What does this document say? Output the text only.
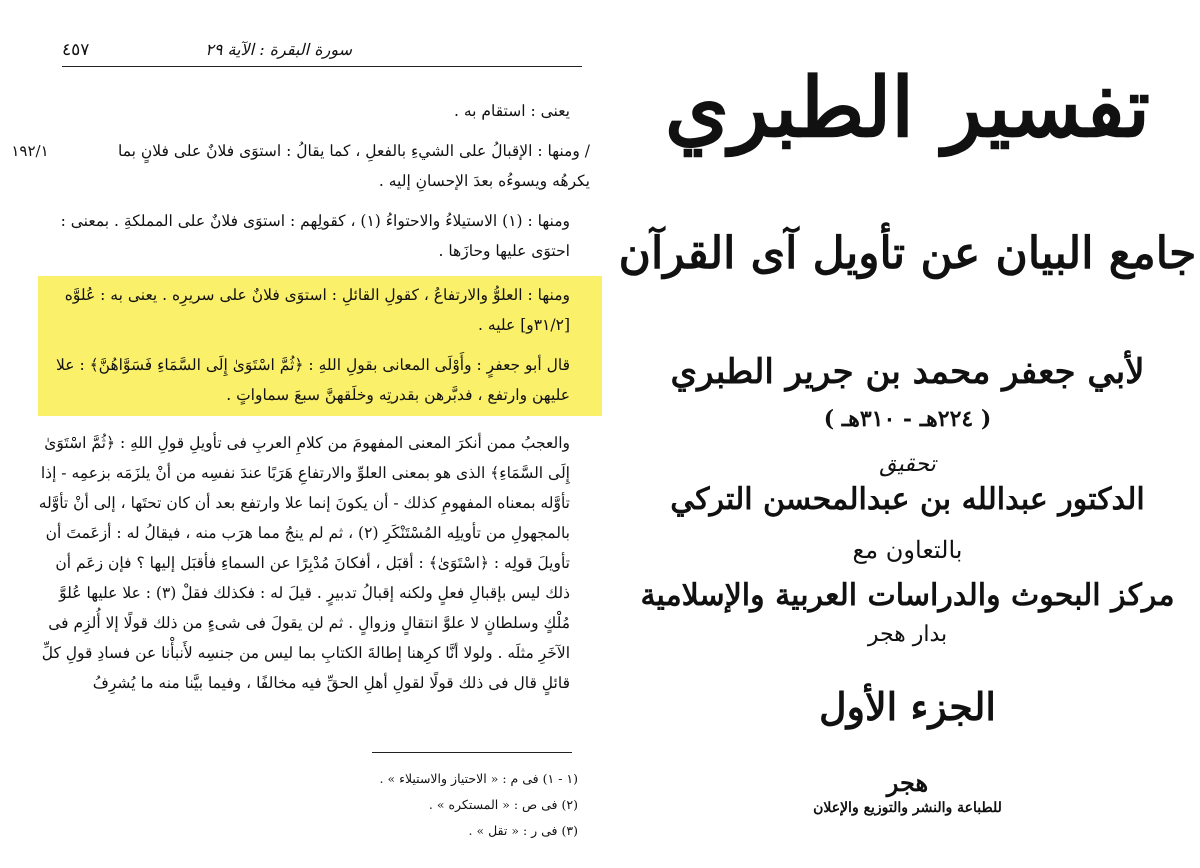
سورة البقرة : الآية ٢٩
٤٥٧
١٩٢/١

يعنى : استقام به .

/ ومنها : الإقبالُ على الشيءِ بالفعلِ ، كما يقالُ : استوَى فلانٌ على فلانٍ بما يكرهُه ويسوءُه بعدَ الإحسانِ إليه .

ومنها : (١) الاستيلاءُ والاحتواءُ (١) ، كقولِهم : استوَى فلانٌ على المملكةِ . بمعنى : احتوَى عليها وحازَها .

ومنها : العلوُّ والارتفاعُ ، كقولِ القائلِ : استوَى فلانٌ على سريرِه . يعنى به : عُلوَّه [٣١/٢و] عليه .

قال أبو جعفرٍ : وأَوْلَى المعانى بقولِ اللهِ : ﴿ثُمَّ اسْتَوَىٰ إِلَى السَّمَاءِ فَسَوَّاهُنَّ﴾ : علا عليهن وارتفع ، فدبَّرهن بقدرتِه وخلَقهنَّ سبعَ سماواتٍ .

والعجبُ ممن أنكرَ المعنى المفهومَ من كلامِ العربِ فى تأويلِ قولِ اللهِ : ﴿ثُمَّ اسْتَوَىٰ إِلَى السَّمَاءِ﴾ الذى هو بمعنى العلوِّ والارتفاعِ هَرَبًا عندَ نفسِه من أنْ يلزَمَه بزعمِه - إذا تأوَّله بمعناه المفهومِ كذلك - أن يكونَ إنما علا وارتفع بعد أن كان تحتَها ، إلى أنْ تأوَّله بالمجهولِ من تأويلِه المُسْتَنْكَرِ (٢) ، ثم لم ينجُ مما هرَب منه ، فيقالُ له : أزعَمتَ أن تأويلَ قولِه : ﴿اسْتَوَىٰ﴾ : أقبَل ، أفكانَ مُدْبِرًا عن السماءِ فأقبَل إليها ؟ فإن زعَم أن ذلك ليس بإقبالِ فعلٍ ولكنه إقبالُ تدبيرٍ . قيلَ له : فكذلك فقلْ (٣) : علا عليها عُلوَّ مُلْكٍ وسلطانٍ لا علوَّ انتقالٍ وزوالٍ . ثم لن يقولَ فى شىءٍ من ذلك قولًا إلا أُلزِم فى الآخَرِ مثلَه . ولولا أنَّا كرِهنا إطالةَ الكتابِ بما ليس من جنسِه لأَنبأْنا عن فسادِ قولِ كلِّ قائلٍ قال فى ذلك قولًا لقولِ أهلِ الحقِّ فيه مخالفًا ، وفيما بيَّنا منه ما يُشرِفُ

(١ - ١) فى م : « الاحتياز والاستيلاء » .
(٢) فى ص : « المستكره » .
(٣) فى ر : « تقل » .
تفسير الطبري
جامع البيان عن تأويل آى القرآن
لأبي جعفر محمد بن جرير الطبري
( ٢٢٤هـ - ٣١٠هـ )
تحقيق
الدكتور عبدالله بن عبدالمحسن التركي
بالتعاون مع
مركز البحوث والدراسات العربية والإسلامية
بدار هجر
الجزء الأول
هجر
للطباعة والنشر والتوزيع والإعلان
